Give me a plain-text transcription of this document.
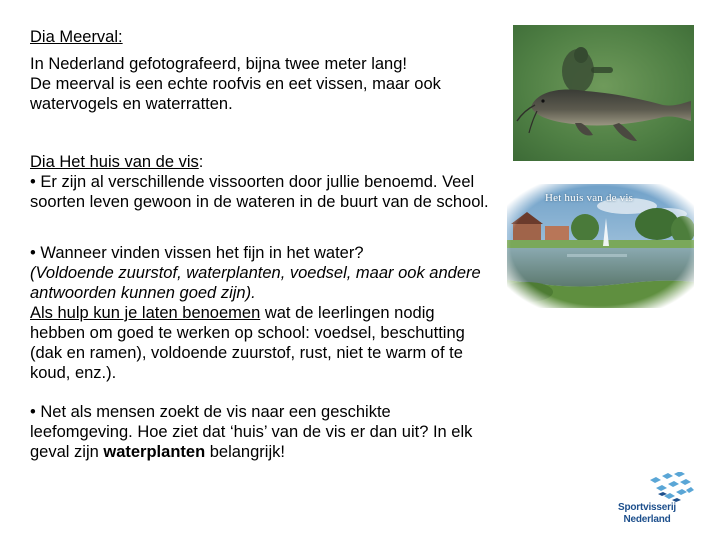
Dia Meerval:
In Nederland gefotografeerd, bijna twee meter lang!
De meerval is een echte roofvis en eet vissen, maar ook
watervogels en waterratten.
Dia Het huis van de vis:

• Er zijn al verschillende vissoorten door jullie benoemd. Veel soorten leven gewoon in de wateren in de buurt van de school.

• Wanneer vinden vissen het fijn in het water?
(Voldoende zuurstof, waterplanten, voedsel, maar ook andere antwoorden kunnen goed zijn).
Als hulp kun je laten benoemen wat de leerlingen nodig hebben om goed te werken op school: voedsel, beschutting (dak en ramen), voldoende zuurstof, rust, niet te warm of te koud, enz.).

• Net als mensen zoekt de vis naar een geschikte leefomgeving. Hoe ziet dat ‘huis’ van de vis er dan uit? In elk geval zijn waterplanten belangrijk!

Het huis van de vis
Sportvisserij
Nederland
